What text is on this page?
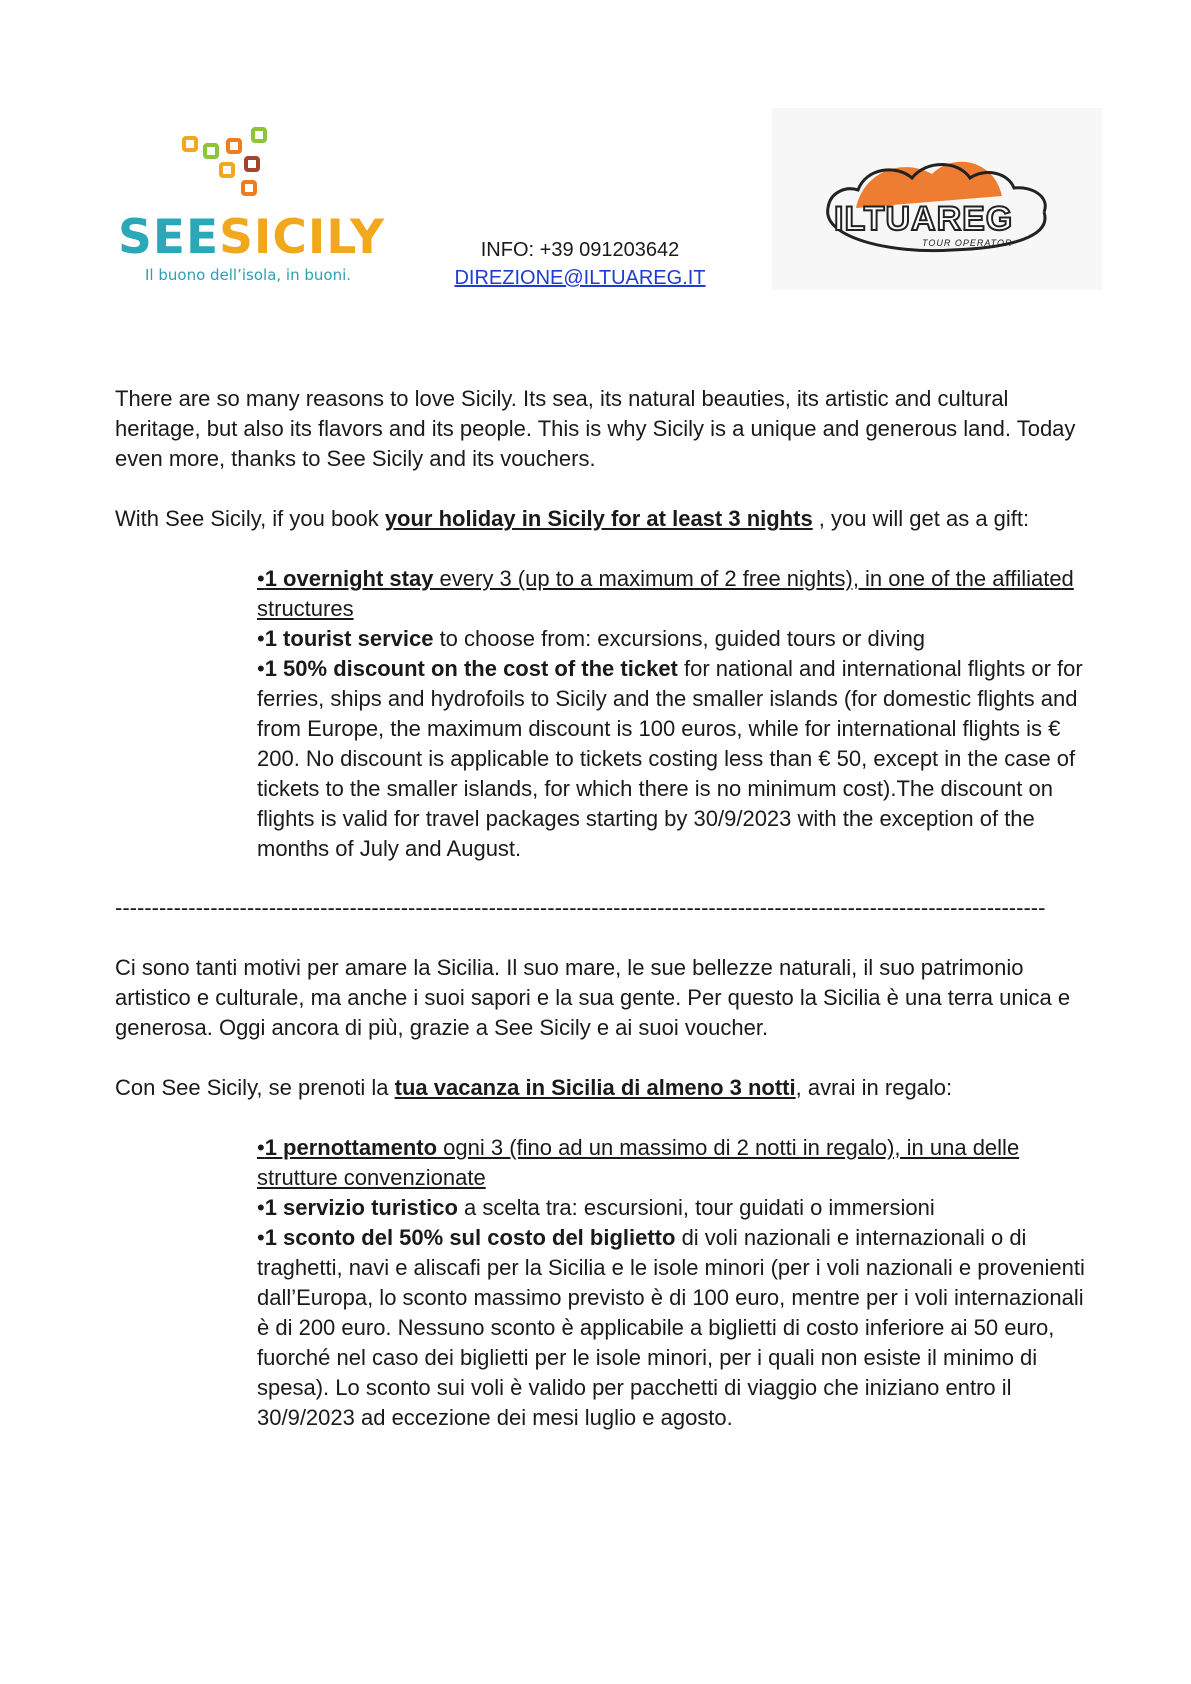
SEESICILY
Il buono dell’isola, in buoni.
INFO: +39 091203642
DIREZIONE@ILTUAREG.IT
ILTUAREG
TOUR OPERATOR
There are so many reasons to love Sicily. Its sea, its natural beauties, its artistic and cultural heritage, but also its flavors and its people. This is why Sicily is a unique and generous land. Today even more, thanks to See Sicily and its vouchers.
With See Sicily, if you book your holiday in Sicily for at least 3 nights , you will get as a gift:
•1 overnight stay every 3 (up to a maximum of 2 free nights), in one of the affiliated structures
•1 tourist service to choose from: excursions, guided tours or diving
•1 50% discount on the cost of the ticket for national and international flights or for ferries, ships and hydrofoils to Sicily and the smaller islands (for domestic flights and from Europe, the maximum discount is 100 euros, while for international flights is € 200. No discount is applicable to tickets costing less than € 50, except in the case of tickets to the smaller islands, for which there is no minimum cost).The discount on flights is valid for travel packages starting by 30/9/2023 with the exception of the months of July and August.
-------------------------------------------------------------------------------------------------------------------------------
Ci sono tanti motivi per amare la Sicilia. Il suo mare, le sue bellezze naturali, il suo patrimonio artistico e culturale, ma anche i suoi sapori e la sua gente. Per questo la Sicilia è una terra unica e generosa. Oggi ancora di più, grazie a See Sicily e ai suoi voucher.
Con See Sicily, se prenoti la tua vacanza in Sicilia di almeno 3 notti, avrai in regalo:
•1 pernottamento ogni 3 (fino ad un massimo di 2 notti in regalo), in una delle strutture convenzionate
•1 servizio turistico a scelta tra: escursioni, tour guidati o immersioni
•1 sconto del 50% sul costo del biglietto di voli nazionali e internazionali o di traghetti, navi e aliscafi per la Sicilia e le isole minori (per i voli nazionali e provenienti dall’Europa, lo sconto massimo previsto è di 100 euro, mentre per i voli internazionali è di 200 euro. Nessuno sconto è applicabile a biglietti di costo inferiore ai 50 euro, fuorché nel caso dei biglietti per le isole minori, per i quali non esiste il minimo di spesa). Lo sconto sui voli è valido per pacchetti di viaggio che iniziano entro il 30/9/2023 ad eccezione dei mesi luglio e agosto.
